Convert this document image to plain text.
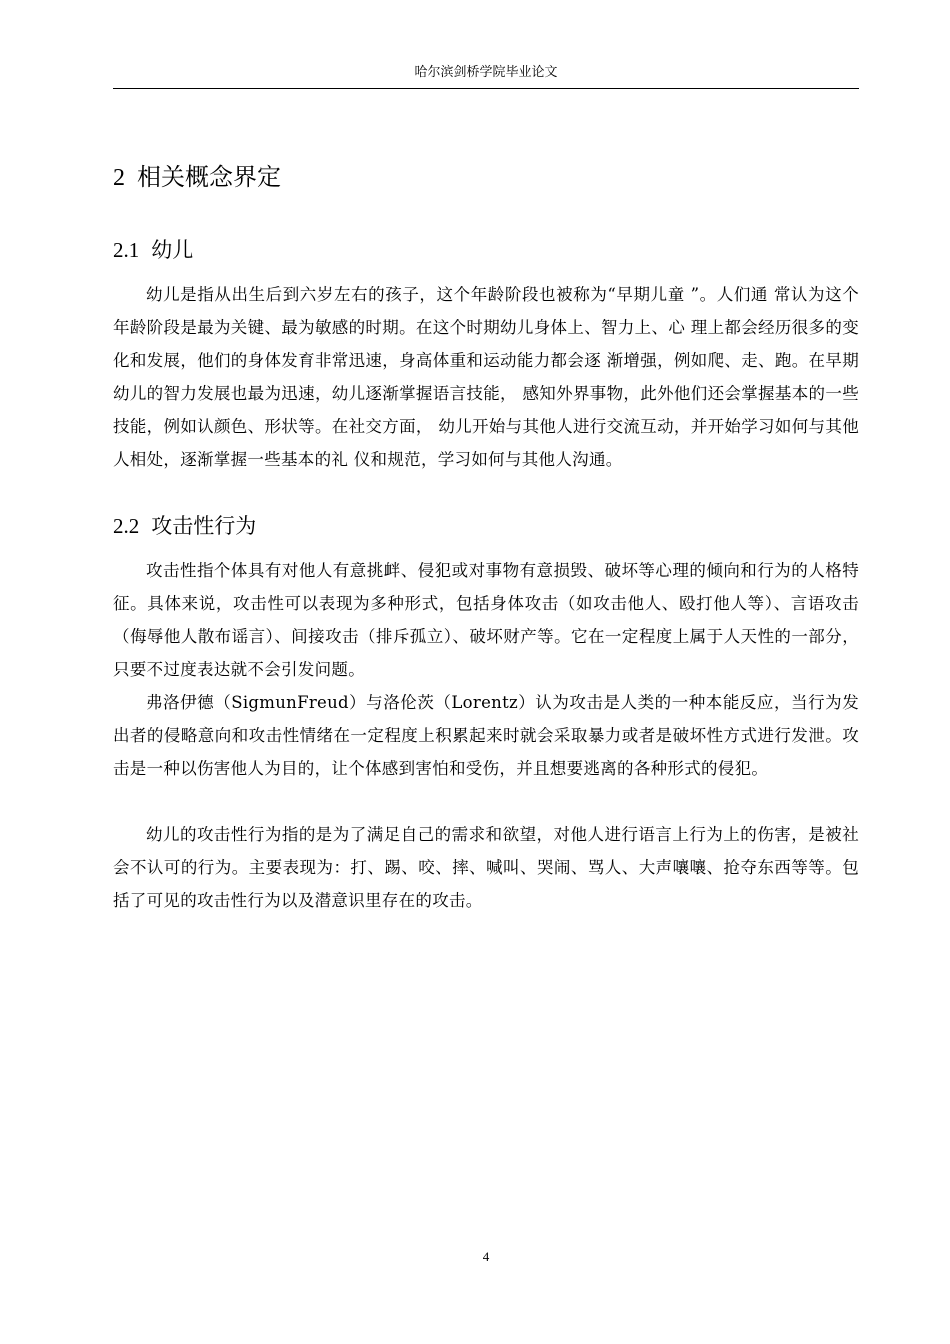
哈尔滨剑桥学院毕业论文
2 相关概念界定
2.1 幼儿
幼儿是指从出生后到六岁左右的孩子，这个年龄阶段也被称为“早期儿童 ”。人们通 常认为这个年龄阶段是最为关键、最为敏感的时期。在这个时期幼儿身体上、智力上、心 理上都会经历很多的变化和发展，他们的身体发育非常迅速，身高体重和运动能力都会逐 渐增强，例如爬、走、跑。在早期幼儿的智力发展也最为迅速，幼儿逐渐掌握语言技能， 感知外界事物，此外他们还会掌握基本的一些技能，例如认颜色、形状等。在社交方面， 幼儿开始与其他人进行交流互动，并开始学习如何与其他人相处，逐渐掌握一些基本的礼 仪和规范，学习如何与其他人沟通。
2.2 攻击性行为
攻击性指个体具有对他人有意挑衅、侵犯或对事物有意损毁、破坏等心理的倾向和行为的人格特征。具体来说，攻击性可以表现为多种形式，包括身体攻击（如攻击他人、殴打他人等）、言语攻击（侮辱他人散布谣言）、间接攻击（排斥孤立）、破坏财产等。它在一定程度上属于人天性的一部分，只要不过度表达就不会引发问题。
弗洛伊德（SigmunFreud）与洛伦茨（Lorentz）认为攻击是人类的一种本能反应，当行为发出者的侵略意向和攻击性情绪在一定程度上积累起来时就会采取暴力或者是破坏性方式进行发泄。攻击是一种以伤害他人为目的，让个体感到害怕和受伤，并且想要逃离的各种形式的侵犯。
幼儿的攻击性行为指的是为了满足自己的需求和欲望，对他人进行语言上行为上的伤害，是被社会不认可的行为。主要表现为：打、踢、咬、摔、喊叫、哭闹、骂人、大声嚷嚷、抢夺东西等等。包括了可见的攻击性行为以及潜意识里存在的攻击。
4
